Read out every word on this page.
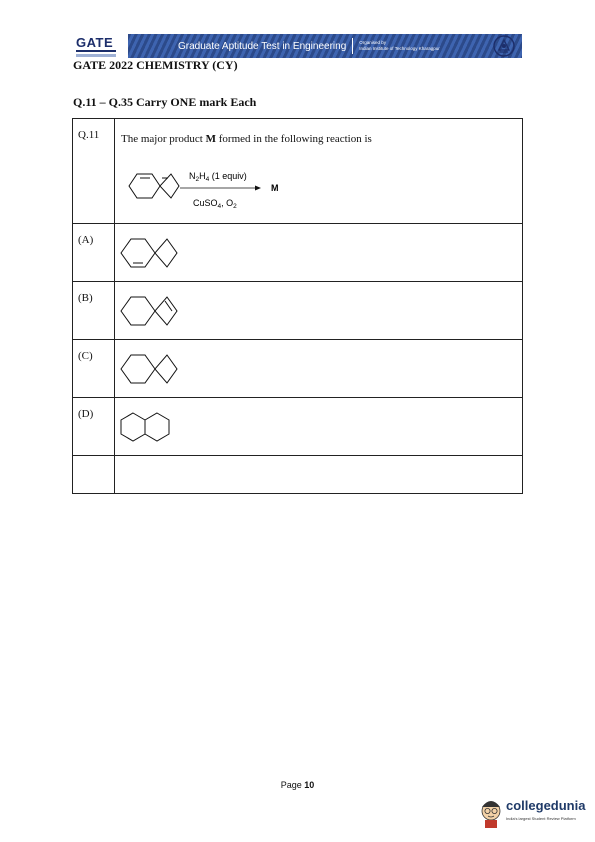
GATE	Graduate Aptitude Test in Engineering	Organised by
Indian Institute of Technology Kharagpur
GATE 2022 CHEMISTRY (CY)
Q.11 – Q.35 Carry ONE mark Each
Q.11	The major product M formed in the following reaction is
$N_2H_4$ (1 equiv)
CuSO$_4$, $O_2$
M
(A)
(B)
(C)
(D)
Page 10
collegedunia
India's largest Student Review Platform
